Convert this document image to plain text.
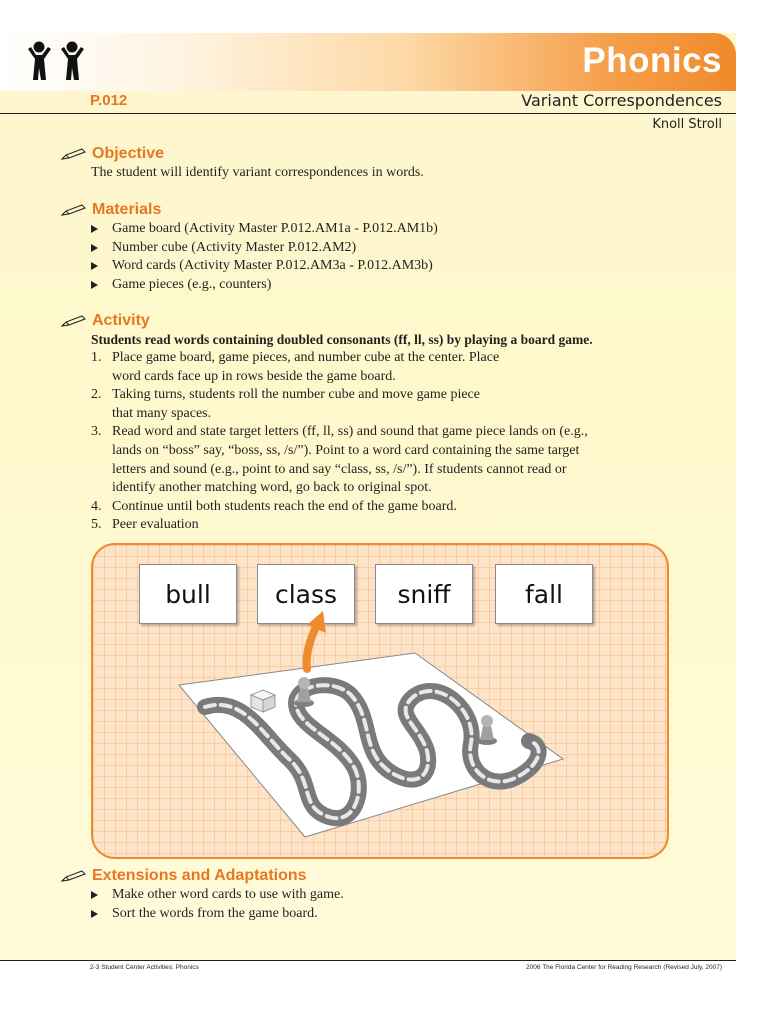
Phonics
P.012	Variant Correspondences
Knoll Stroll
Objective
The student will identify variant correspondences in words.
Materials
Game board (Activity Master P.012.AM1a - P.012.AM1b)
Number cube (Activity Master P.012.AM2)
Word cards (Activity Master P.012.AM3a - P.012.AM3b)
Game pieces (e.g., counters)
Activity
Students read words containing doubled consonants (ff, ll, ss) by playing a board game.
1. Place game board, game pieces, and number cube at the center. Place
word cards face up in rows beside the game board.
2. Taking turns, students roll the number cube and move game piece
that many spaces.
3. Read word and state target letters (ff, ll, ss) and sound that game piece lands on (e.g.,
lands on “boss” say, “boss, ss, /s/”). Point to a word card containing the same target
letters and sound (e.g., point to and say “class, ss, /s/”). If students cannot read or
identify another matching word, go back to original spot.
4. Continue until both students reach the end of the game board.
5. Peer evaluation
bull	class	sniff	fall
Extensions and Adaptations
Make other word cards to use with game.
Sort the words from the game board.
2-3 Student Center Activities: Phonics	2006 The Florida Center for Reading Research (Revised July, 2007)
